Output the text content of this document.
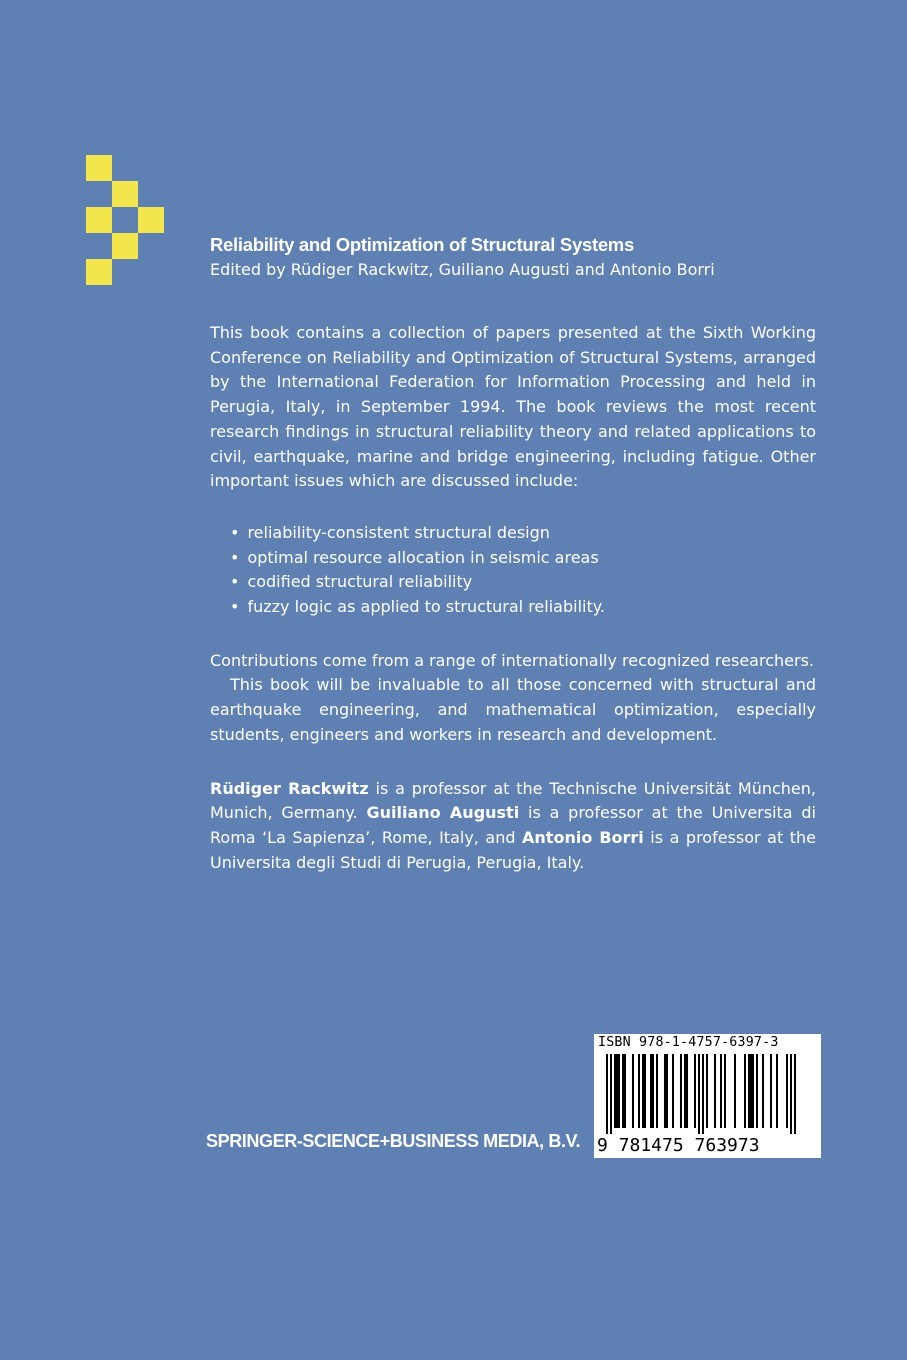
Reliability and Optimization of Structural Systems

Edited by Rüdiger Rackwitz, Guiliano Augusti and Antonio Borri

This book contains a collection of papers presented at the Sixth Working Conference on Reliability and Optimization of Structural Systems, arranged by the International Federation for Information Processing and held in Perugia, Italy, in September 1994. The book reviews the most recent research findings in structural reliability theory and related applications to civil, earthquake, marine and bridge engineering, including fatigue. Other important issues which are discussed include:

• reliability-consistent structural design
• optimal resource allocation in seismic areas
• codified structural reliability
• fuzzy logic as applied to structural reliability.

Contributions come from a range of internationally recognized researchers.

This book will be invaluable to all those concerned with structural and earthquake engineering, and mathematical optimization, especially students, engineers and workers in research and development.

Rüdiger Rackwitz is a professor at the Technische Universität München, Munich, Germany. Guiliano Augusti is a professor at the Universita di Roma ‘La Sapienza’, Rome, Italy, and Antonio Borri is a professor at the Universita degli Studi di Perugia, Perugia, Italy.

ISBN 978-1-4757-6397-3
9 781475 763973
SPRINGER-SCIENCE+BUSINESS MEDIA, B.V.
